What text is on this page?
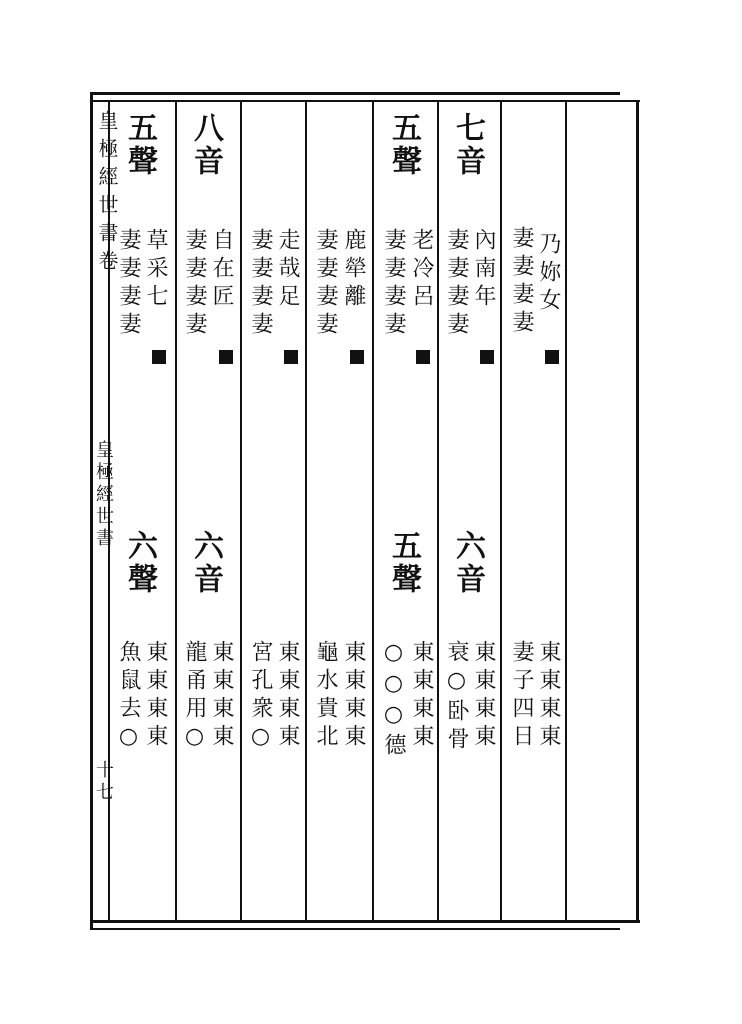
皇極經世書卷
皇極經世書
十七
乃妳女
妻妻妻妻
東東東東
妻子四日
七音
內南年
妻妻妻妻
六音
東東東東
衰○卧骨
五聲
老冷呂
妻妻妻妻
五聲
東東東東
○○○德
鹿犖離
妻妻妻妻
東東東東
龜水貴北
走哉足
妻妻妻妻
東東東東
宮孔衆○
八音
自在匠
妻妻妻妻
六音
東東東東
龍甬用○
五聲
草采七
妻妻妻妻
六聲
東東東東
魚鼠去○
